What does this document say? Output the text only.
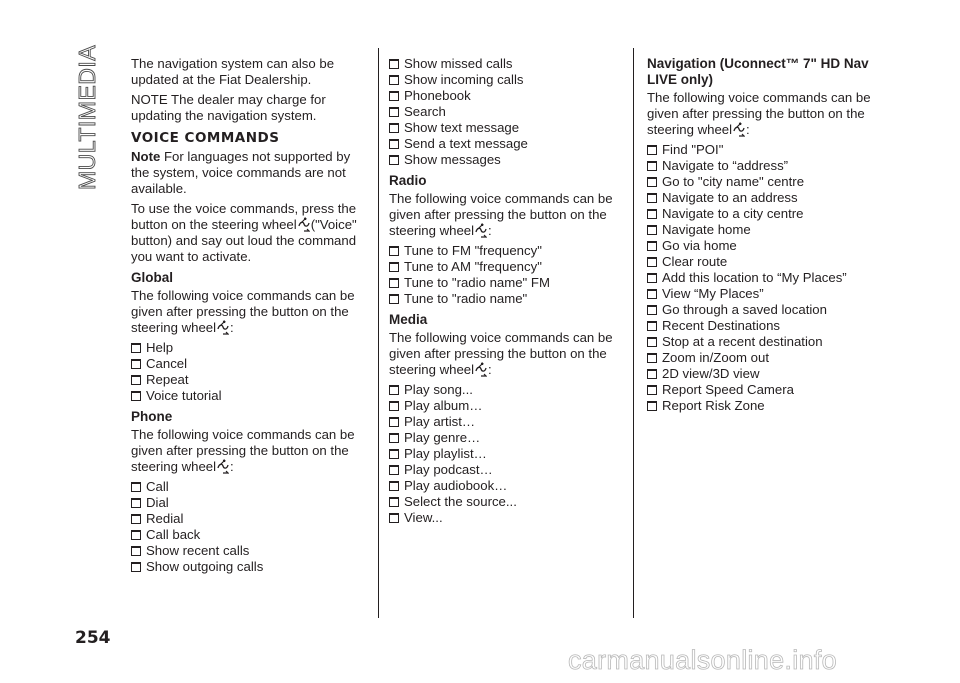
MULTIMEDIA The navigation system can also be updated at the Fiat Dealership.

NOTE The dealer may charge for updating the navigation system.

VOICE COMMANDS

Note For languages not supported by the system, voice commands are not available.

To use the voice commands, press the button on the steering wheel ("Voice" button) and say out loud the command you want to activate.

Global

The following voice commands can be given after pressing the button on the steering wheel :

Help
Cancel
Repeat
Voice tutorial
Phone

The following voice commands can be given after pressing the button on the steering wheel :

Call
Dial
Redial
Call back
Show recent calls
Show outgoing calls
Show missed calls
Show incoming calls
Phonebook
Search
Show text message
Send a text message
Show messages
Radio

The following voice commands can be given after pressing the button on the steering wheel :

Tune to FM "frequency"
Tune to AM "frequency"
Tune to "radio name" FM
Tune to "radio name"
Media

The following voice commands can be given after pressing the button on the steering wheel :

Play song...
Play album…
Play artist…
Play genre…
Play playlist…
Play podcast…
Play audiobook…
Select the source...
View...
Navigation (Uconnect™ 7" HD Nav LIVE only)

The following voice commands can be given after pressing the button on the steering wheel :

Find "POI"
Navigate to “address”
Go to "city name" centre
Navigate to an address
Navigate to a city centre
Navigate home
Go via home
Clear route
Add this location to “My Places”
View “My Places”
Go through a saved location
Recent Destinations
Stop at a recent destination
Zoom in/Zoom out
2D view/3D view
Report Speed Camera
Report Risk Zone
254
carmanualsonline.info
